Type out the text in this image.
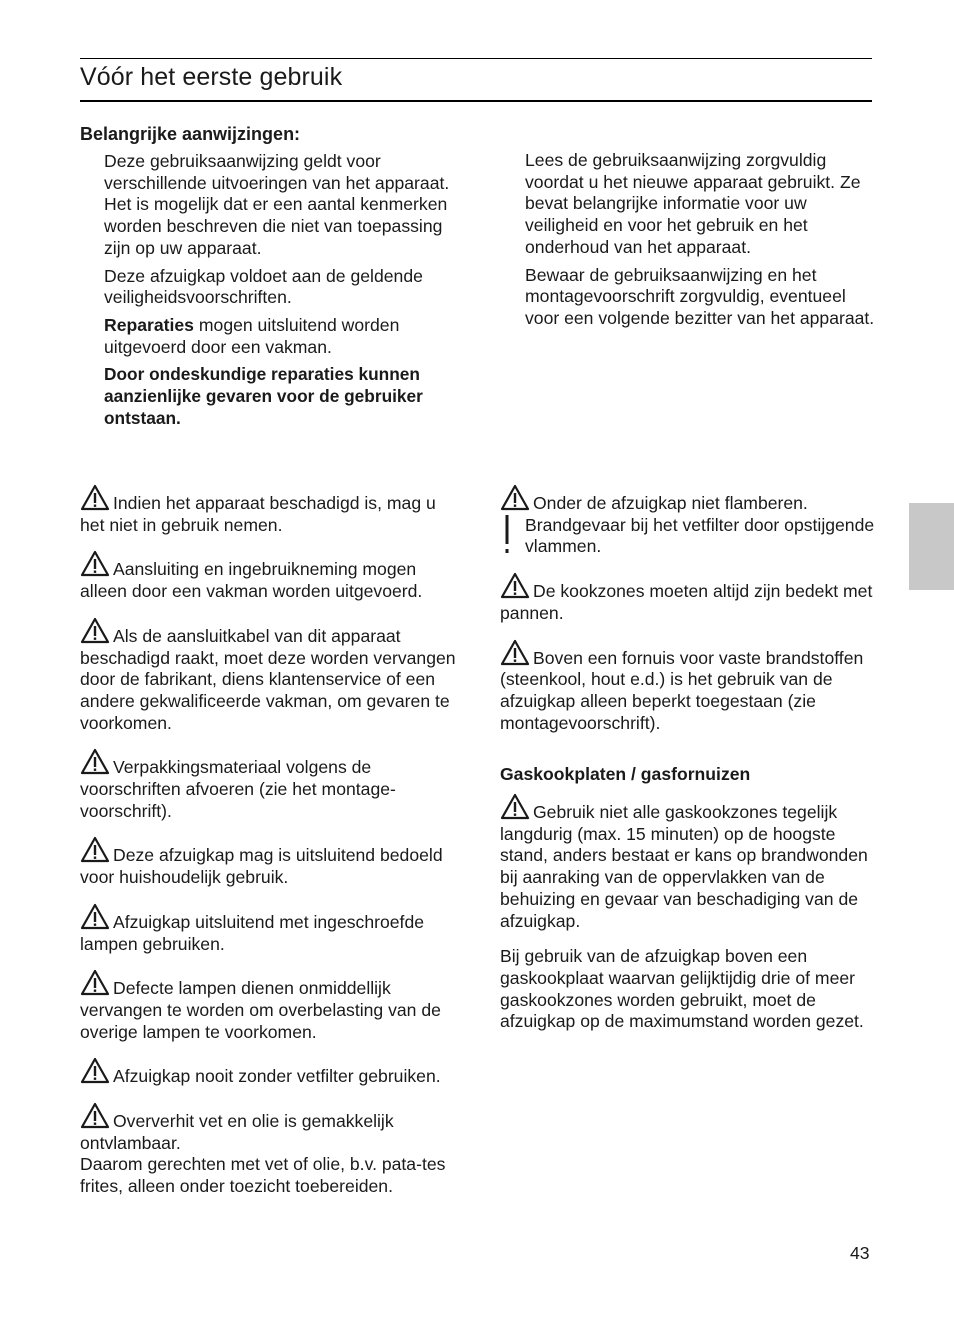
Vóór het eerste gebruik
Belangrijke aanwijzingen:

Deze gebruiksaanwijzing geldt voor verschillende uitvoeringen van het apparaat. Het is mogelijk dat er een aantal kenmerken worden beschreven die niet van toepassing zijn op uw apparaat.

Deze afzuigkap voldoet aan de geldende veiligheidsvoorschriften.

Reparaties mogen uitsluitend worden uitgevoerd door een vakman.

Door ondeskundige reparaties kunnen aanzienlijke gevaren voor de gebruiker ontstaan.

Lees de gebruiksaanwijzing zorgvuldig voordat u het nieuwe apparaat gebruikt. Ze bevat belangrijke informatie voor uw veiligheid en voor het gebruik en het onderhoud van het apparaat.

Bewaar de gebruiksaanwijzing en het montagevoorschrift zorgvuldig, eventueel voor een volgende bezitter van het apparaat.

Indien het apparaat beschadigd is, mag u het niet in gebruik nemen.

Aansluiting en ingebruikneming mogen alleen door een vakman worden uitgevoerd.

Als de aansluitkabel van dit apparaat beschadigd raakt, moet deze worden vervangen door de fabrikant, diens klantenservice of een andere gekwalificeerde vakman, om gevaren te voorkomen.

Verpakkingsmateriaal volgens de voorschriften afvoeren (zie het montage-voorschrift).

Deze afzuigkap mag is uitsluitend bedoeld voor huishoudelijk gebruik.

Afzuigkap uitsluitend met ingeschroefde lampen gebruiken.

Defecte lampen dienen onmiddellijk vervangen te worden om overbelasting van de overige lampen te voorkomen.

Afzuigkap nooit zonder vetfilter gebruiken.

Oververhit vet en olie is gemakkelijk ontvlambaar.

Daarom gerechten met vet of olie, b.v. pata-tes frites, alleen onder toezicht toebereiden.

Onder de afzuigkap niet flamberen.

Brandgevaar bij het vetfilter door opstijgende vlammen.

De kookzones moeten altijd zijn bedekt met pannen.

Boven een fornuis voor vaste brandstoffen (steenkool, hout e.d.) is het gebruik van de afzuigkap alleen beperkt toegestaan (zie montagevoorschrift).

Gaskookplaten / gasfornuizen

Gebruik niet alle gaskookzones tegelijk langdurig (max. 15 minuten) op de hoogste stand, anders bestaat er kans op brandwonden bij aanraking van de oppervlakken van de behuizing en gevaar van beschadiging van de afzuigkap.

Bij gebruik van de afzuigkap boven een gaskookplaat waarvan gelijktijdig drie of meer gaskookzones worden gebruikt, moet de afzuigkap op de maximumstand worden gezet.

43
